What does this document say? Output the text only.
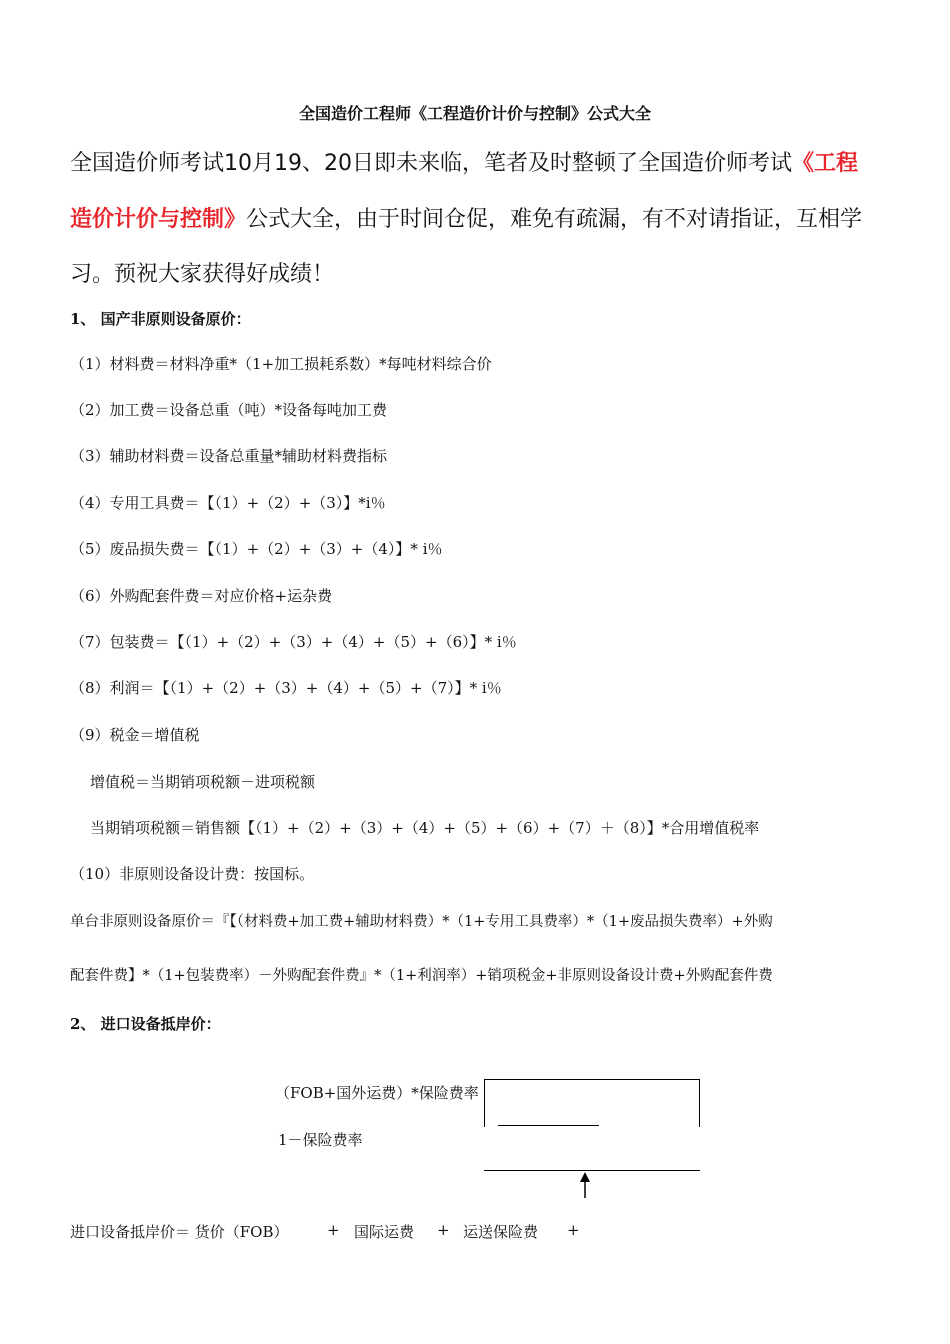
全国造价工程师《工程造价计价与控制》公式大全
全国造价师考试10月19、20日即未来临，笔者及时整顿了全国造价师考试《工程
造价计价与控制》公式大全，由于时间仓促，难免有疏漏，有不对请指证，互相学
习。预祝大家获得好成绩！
1、 国产非原则设备原价：
（1）材料费＝材料净重*（1+加工损耗系数）*每吨材料综合价
（2）加工费＝设备总重（吨）*设备每吨加工费
（3）辅助材料费＝设备总重量*辅助材料费指标
（4）专用工具费＝【（1）+（2）+（3）】*i％
（5）废品损失费＝【（1）+（2）+（3）+（4）】* i％
（6）外购配套件费＝对应价格+运杂费
（7）包装费＝【（1）+（2）+（3）+（4）+（5）+（6）】* i％
（8）利润＝【（1）+（2）+（3）+（4）+（5）+（7）】* i％
（9）税金＝增值税
增值税＝当期销项税额－进项税额
当期销项税额＝销售额【（1）+（2）+（3）+（4）+（5）+（6）+（7）＋（8）】*合用增值税率
（10）非原则设备设计费：按国标。
单台非原则设备原价＝『【（材料费+加工费+辅助材料费）*（1+专用工具费率）*（1+废品损失费率）+外购
配套件费】*（1+包装费率）－外购配套件费』*（1+利润率）+销项税金+非原则设备设计费+外购配套件费
2、 进口设备抵岸价：
（FOB+国外运费）*保险费率
1－保险费率
进口设备抵岸价＝ 货价（FOB）	+ 国际运费 + 运送保险费 +
